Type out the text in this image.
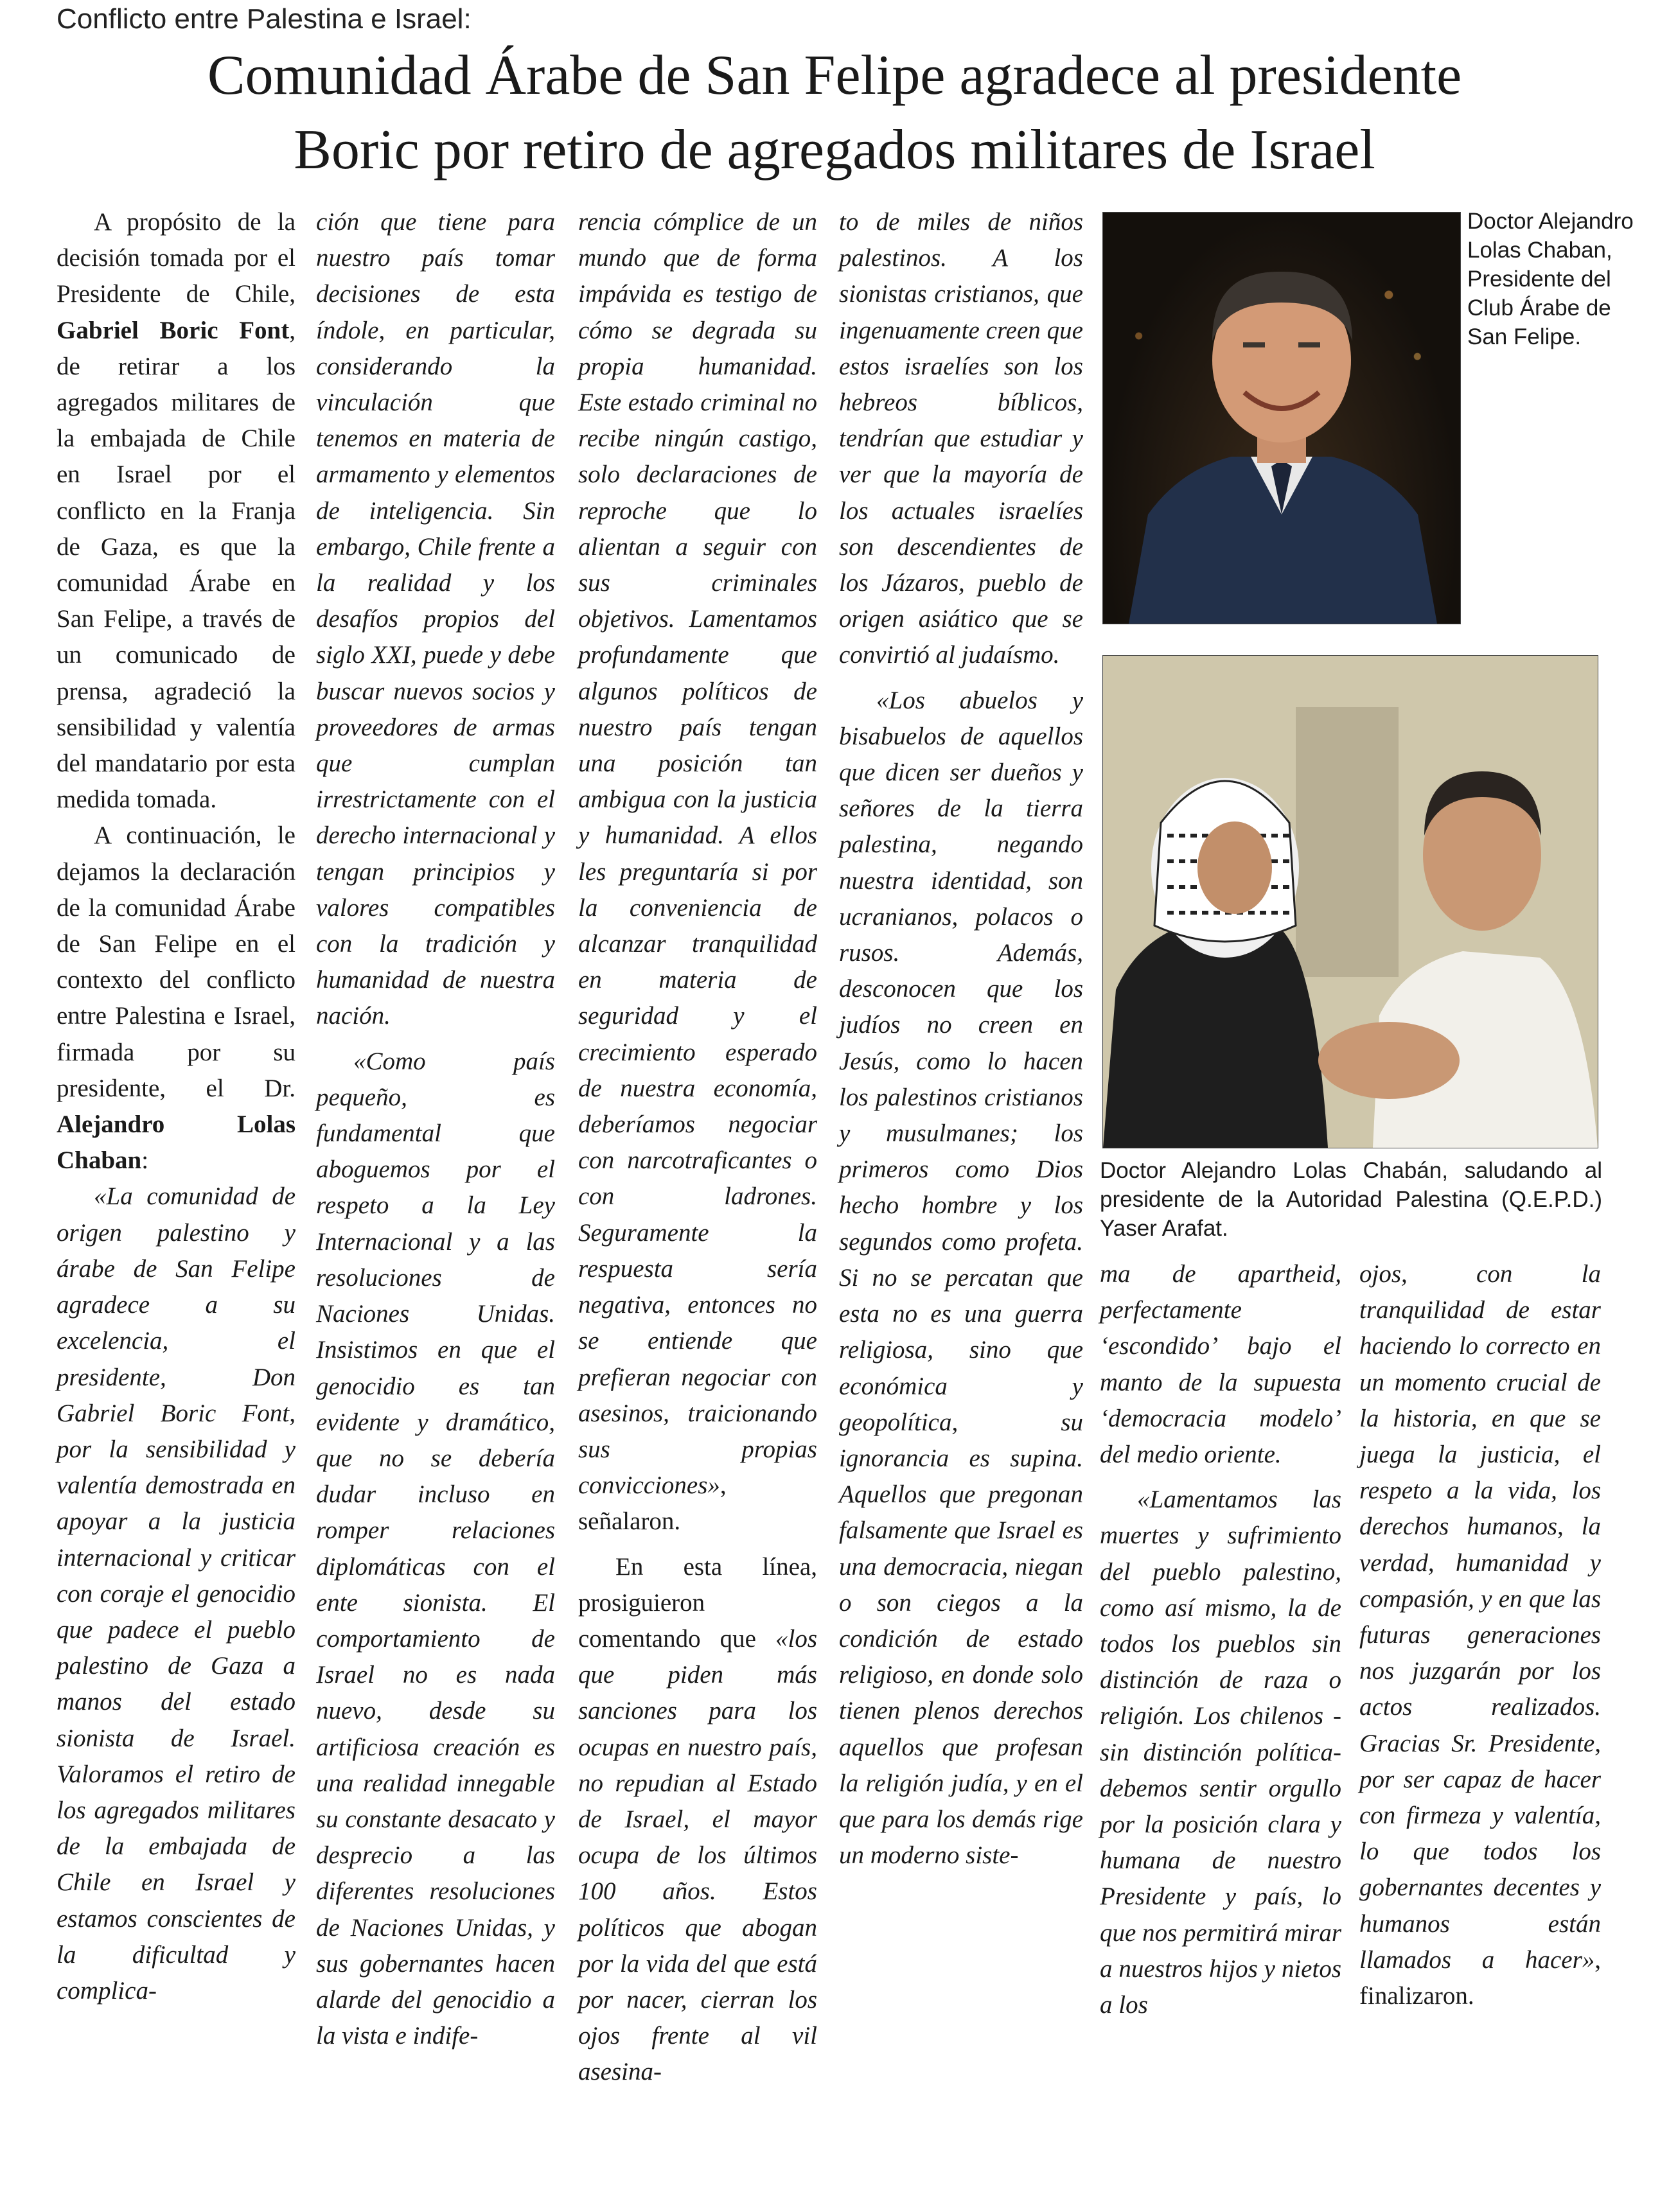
Conflicto entre Palestina e Israel:
Comunidad Árabe de San Felipe agradece al presidente
Boric por retiro de agregados militares de Israel

A propósito de la decisión tomada por el Presidente de Chile, Gabriel Boric Font, de retirar a los agregados militares de la embajada de Chile en Israel por el conflicto en la Franja de Gaza, es que la comunidad Árabe en San Felipe, a través de un comunicado de prensa, agradeció la sensibilidad y valentía del mandatario por esta medida tomada.

A continuación, le dejamos la declaración de la comunidad Árabe de San Felipe en el contexto del conflicto entre Palestina e Israel, firmada por su presidente, el Dr. Alejandro Lolas Chaban:

«La comunidad de origen palestino y árabe de San Felipe agradece a su excelencia, el presidente, Don Gabriel Boric Font, por la sensibilidad y valentía demostrada en apoyar a la justicia internacional y criticar con coraje el genocidio que padece el pueblo palestino de Gaza a manos del estado sionista de Israel. Valoramos el retiro de los agregados militares de la embajada de Chile en Israel y estamos conscientes de la dificultad y complica-

ción que tiene para nuestro país tomar decisiones de esta índole, en particular, considerando la vinculación que tenemos en materia de armamento y elementos de inteligencia. Sin embargo, Chile frente a la realidad y los desafíos propios del siglo XXI, puede y debe buscar nuevos socios y proveedores de armas que cumplan irrestrictamente con el derecho internacional y tengan principios y valores compatibles con la tradición y humanidad de nuestra nación.

«Como país pequeño, es fundamental que aboguemos por el respeto a la Ley Internacional y a las resoluciones de Naciones Unidas. Insistimos en que el genocidio es tan evidente y dramático, que no se debería dudar incluso en romper relaciones diplomáticas con el ente sionista. El comportamiento de Israel no es nada nuevo, desde su artificiosa creación es una realidad innegable su constante desacato y desprecio a las diferentes resoluciones de Naciones Unidas, y sus gobernantes hacen alarde del genocidio a la vista e indife-

rencia cómplice de un mundo que de forma impávida es testigo de cómo se degrada su propia humanidad. Este estado criminal no recibe ningún castigo, solo declaraciones de reproche que lo alientan a seguir con sus criminales objetivos. Lamentamos profundamente que algunos políticos de nuestro país tengan una posición tan ambigua con la justicia y humanidad. A ellos les preguntaría si por la conveniencia de alcanzar tranquilidad en materia de seguridad y el crecimiento esperado de nuestra economía, deberíamos negociar con narcotraficantes o con ladrones. Seguramente la respuesta sería negativa, entonces no se entiende que prefieran negociar con asesinos, traicionando sus propias convicciones», señalaron.

En esta línea, prosiguieron comentando que «los que piden más sanciones para los ocupas en nuestro país, no repudian al Estado de Israel, el mayor ocupa de los últimos 100 años. Estos políticos que abogan por la vida del que está por nacer, cierran los ojos frente al vil asesina-

to de miles de niños palestinos. A los sionistas cristianos, que ingenuamente creen que estos israelíes son los hebreos bíblicos, tendrían que estudiar y ver que la mayoría de los actuales israelíes son descendientes de los Jázaros, pueblo de origen asiático que se convirtió al judaísmo.

«Los abuelos y bisabuelos de aquellos que dicen ser dueños y señores de la tierra palestina, negando nuestra identidad, son ucranianos, polacos o rusos. Además, desconocen que los judíos no creen en Jesús, como lo hacen los palestinos cristianos y musulmanes; los primeros como Dios hecho hombre y los segundos como profeta. Si no se percatan que esta no es una guerra religiosa, sino que económica y geopolítica, su ignorancia es supina. Aquellos que pregonan falsamente que Israel es una democracia, niegan o son ciegos a la condición de estado religioso, en donde solo tienen plenos derechos aquellos que profesan la religión judía, y en el que para los demás rige un moderno siste-

Doctor Alejandro Lolas Chaban, Presidente del Club Árabe de San Felipe.
Doctor Alejandro Lolas Chabán, saludando al presidente de la Autoridad Palestina (Q.E.P.D.) Yaser Arafat.

ma de apartheid, perfectamente ‘escondido’ bajo el manto de la supuesta ‘democracia modelo’ del medio oriente.

«Lamentamos las muertes y sufrimiento del pueblo palestino, como así mismo, la de todos los pueblos sin distinción de raza o religión. Los chilenos -sin distinción política- debemos sentir orgullo por la posición clara y humana de nuestro Presidente y país, lo que nos permitirá mirar a nuestros hijos y nietos a los

ojos, con la tranquilidad de estar haciendo lo correcto en un momento crucial de la historia, en que se juega la justicia, el respeto a la vida, los derechos humanos, la verdad, humanidad y compasión, y en que las futuras generaciones nos juzgarán por los actos realizados. Gracias Sr. Presidente, por ser capaz de hacer con firmeza y valentía, lo que todos los gobernantes decentes y humanos están llamados a hacer», finalizaron.
